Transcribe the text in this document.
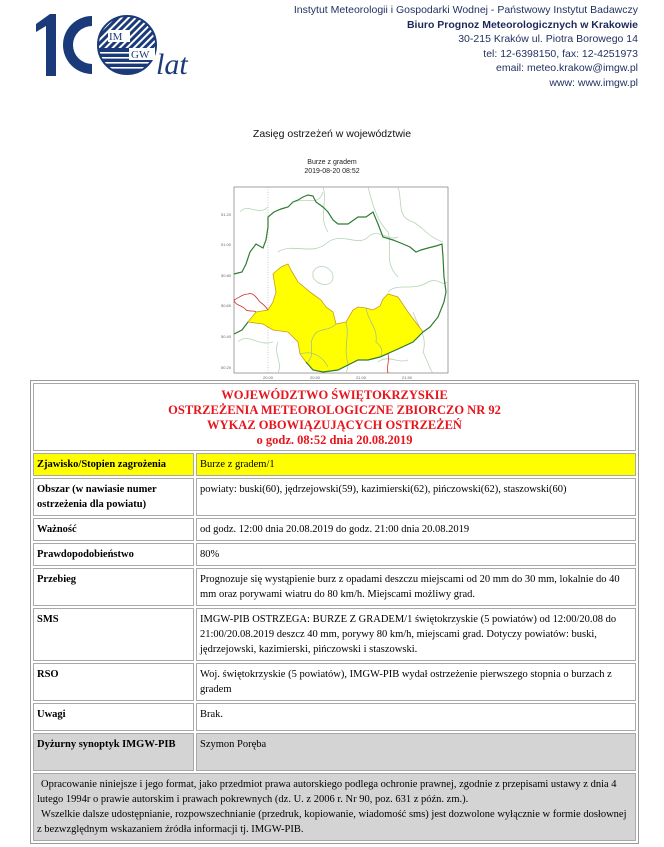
IM
GW lat
Instytut Meteorologii i Gospodarki Wodnej - Państwowy Instytut Badawczy
Biuro Prognoz Meteorologicznych w Krakowie
30-215 Kraków ul. Piotra Borowego 14
tel: 12-6398150, fax: 12-4251973
email: meteo.krakow@imgw.pl
www: www.imgw.pl
Zasięg ostrzeżeń w województwie
Burze z gradem
2019-08-20 08:52
51.20
51.00
50.80
50.60
50.40
50.20
20.00	20.50	21.00	21.50
WOJEWÓDZTWO ŚWIĘTOKRZYSKIE
OSTRZEŻENIA METEOROLOGICZNE ZBIORCZO NR 92
WYKAZ OBOWIĄZUJĄCYCH OSTRZEŻEŃ
o godz. 08:52 dnia 20.08.2019	

Zjawisko/Stopien zagrożenia	Burze z gradem/1
Obszar (w nawiasie numer ostrzeżenia dla powiatu)	powiaty: buski(60), jędrzejowski(59), kazimierski(62), pińczowski(62), staszowski(60)
Ważność	od godz. 12:00 dnia 20.08.2019 do godz. 21:00 dnia 20.08.2019
Prawdopodobieństwo	80%
Przebieg	Prognozuje się wystąpienie burz z opadami deszczu miejscami od 20 mm do 30 mm, lokalnie do 40 mm oraz porywami wiatru do 80 km/h. Miejscami możliwy grad.
SMS	IMGW-PIB OSTRZEGA: BURZE Z GRADEM/1 świętokrzyskie (5 powiatów) od 12:00/20.08 do 21:00/20.08.2019 deszcz 40 mm, porywy 80 km/h, miejscami grad. Dotyczy powiatów: buski, jędrzejowski, kazimierski, pińczowski i staszowski.
RSO	Woj. świętokrzyskie (5 powiatów), IMGW-PIB wydał ostrzeżenie pierwszego stopnia o burzach z gradem
Uwagi	Brak.
Dyżurny synoptyk IMGW-PIB	Szymon Poręba

Opracowanie niniejsze i jego format, jako przedmiot prawa autorskiego podlega ochronie prawnej, zgodnie z przepisami ustawy z dnia 4 lutego 1994r o prawie autorskim i prawach pokrewnych (dz. U. z 2006 r. Nr 90, poz. 631 z późn. zm.).
Wszelkie dalsze udostępnianie, rozpowszechnianie (przedruk, kopiowanie, wiadomość sms) jest dozwolone wyłącznie w formie dosłownej z bezwzględnym wskazaniem źródła informacji tj. IMGW-PIB.	
